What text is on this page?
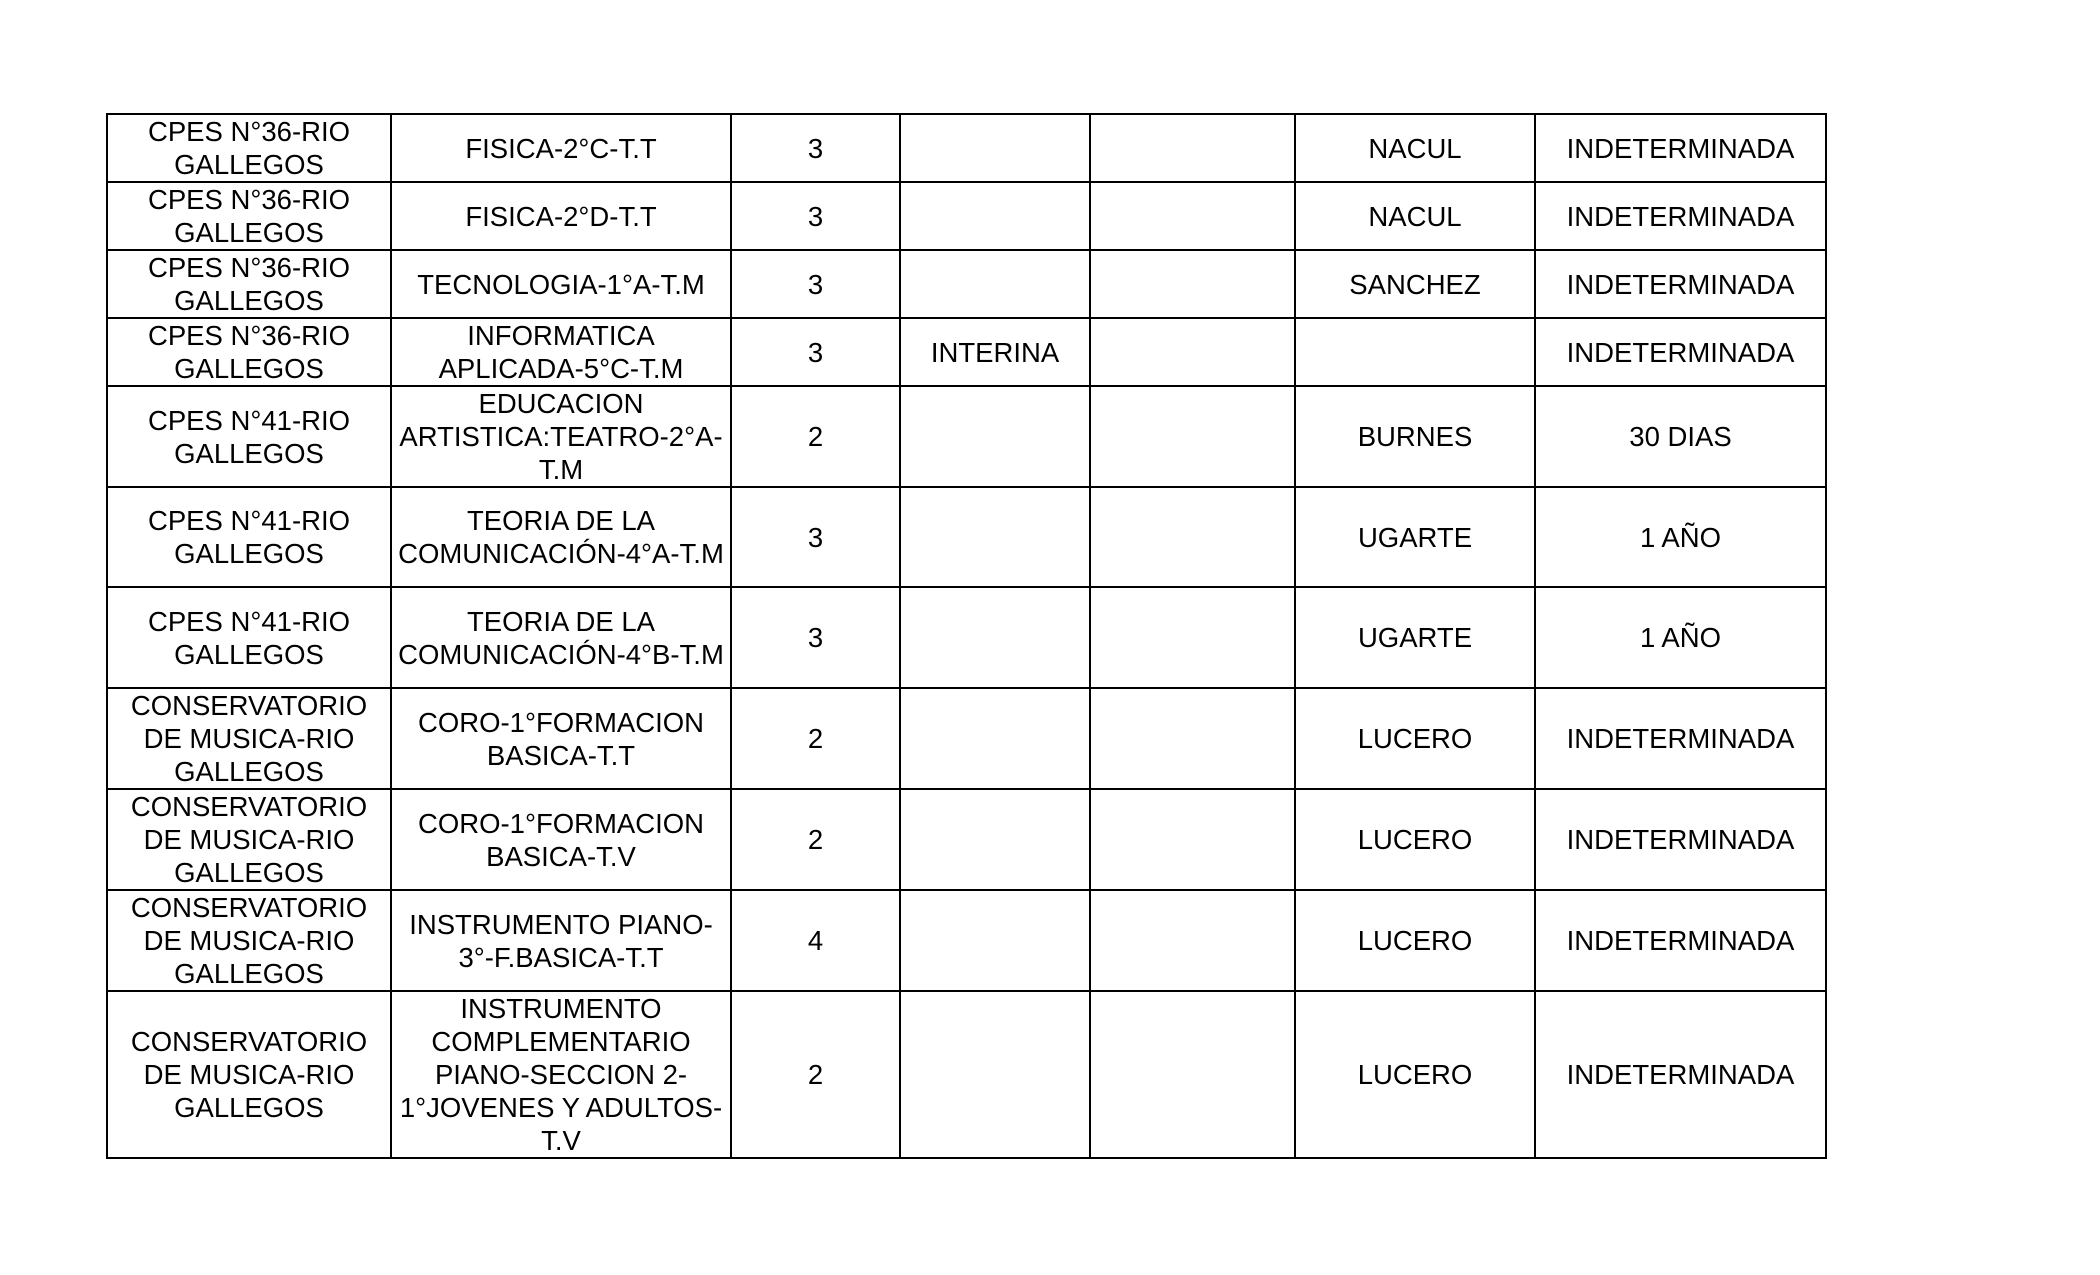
CPES N°36-RIO GALLEGOS	FISICA-2°C-T.T	3			NACUL	INDETERMINADA
CPES N°36-RIO GALLEGOS	FISICA-2°D-T.T	3			NACUL	INDETERMINADA
CPES N°36-RIO GALLEGOS	TECNOLOGIA-1°A-T.M	3			SANCHEZ	INDETERMINADA
CPES N°36-RIO GALLEGOS	INFORMATICA APLICADA-5°C-T.M	3	INTERINA			INDETERMINADA
CPES N°41-RIO GALLEGOS	EDUCACION ARTISTICA:TEATRO-2°A-T.M	2			BURNES	30 DIAS
CPES N°41-RIO GALLEGOS	TEORIA DE LA COMUNICACIÓN-4°A-T.M	3			UGARTE	1 AÑO
CPES N°41-RIO GALLEGOS	TEORIA DE LA COMUNICACIÓN-4°B-T.M	3			UGARTE	1 AÑO
CONSERVATORIO DE MUSICA-RIO GALLEGOS	CORO-1°FORMACION BASICA-T.T	2			LUCERO	INDETERMINADA
CONSERVATORIO DE MUSICA-RIO GALLEGOS	CORO-1°FORMACION BASICA-T.V	2			LUCERO	INDETERMINADA
CONSERVATORIO DE MUSICA-RIO GALLEGOS	INSTRUMENTO PIANO-3°-F.BASICA-T.T	4			LUCERO	INDETERMINADA
CONSERVATORIO DE MUSICA-RIO GALLEGOS	INSTRUMENTO COMPLEMENTARIO PIANO-SECCION 2-1°JOVENES Y ADULTOS-T.V	2			LUCERO	INDETERMINADA
